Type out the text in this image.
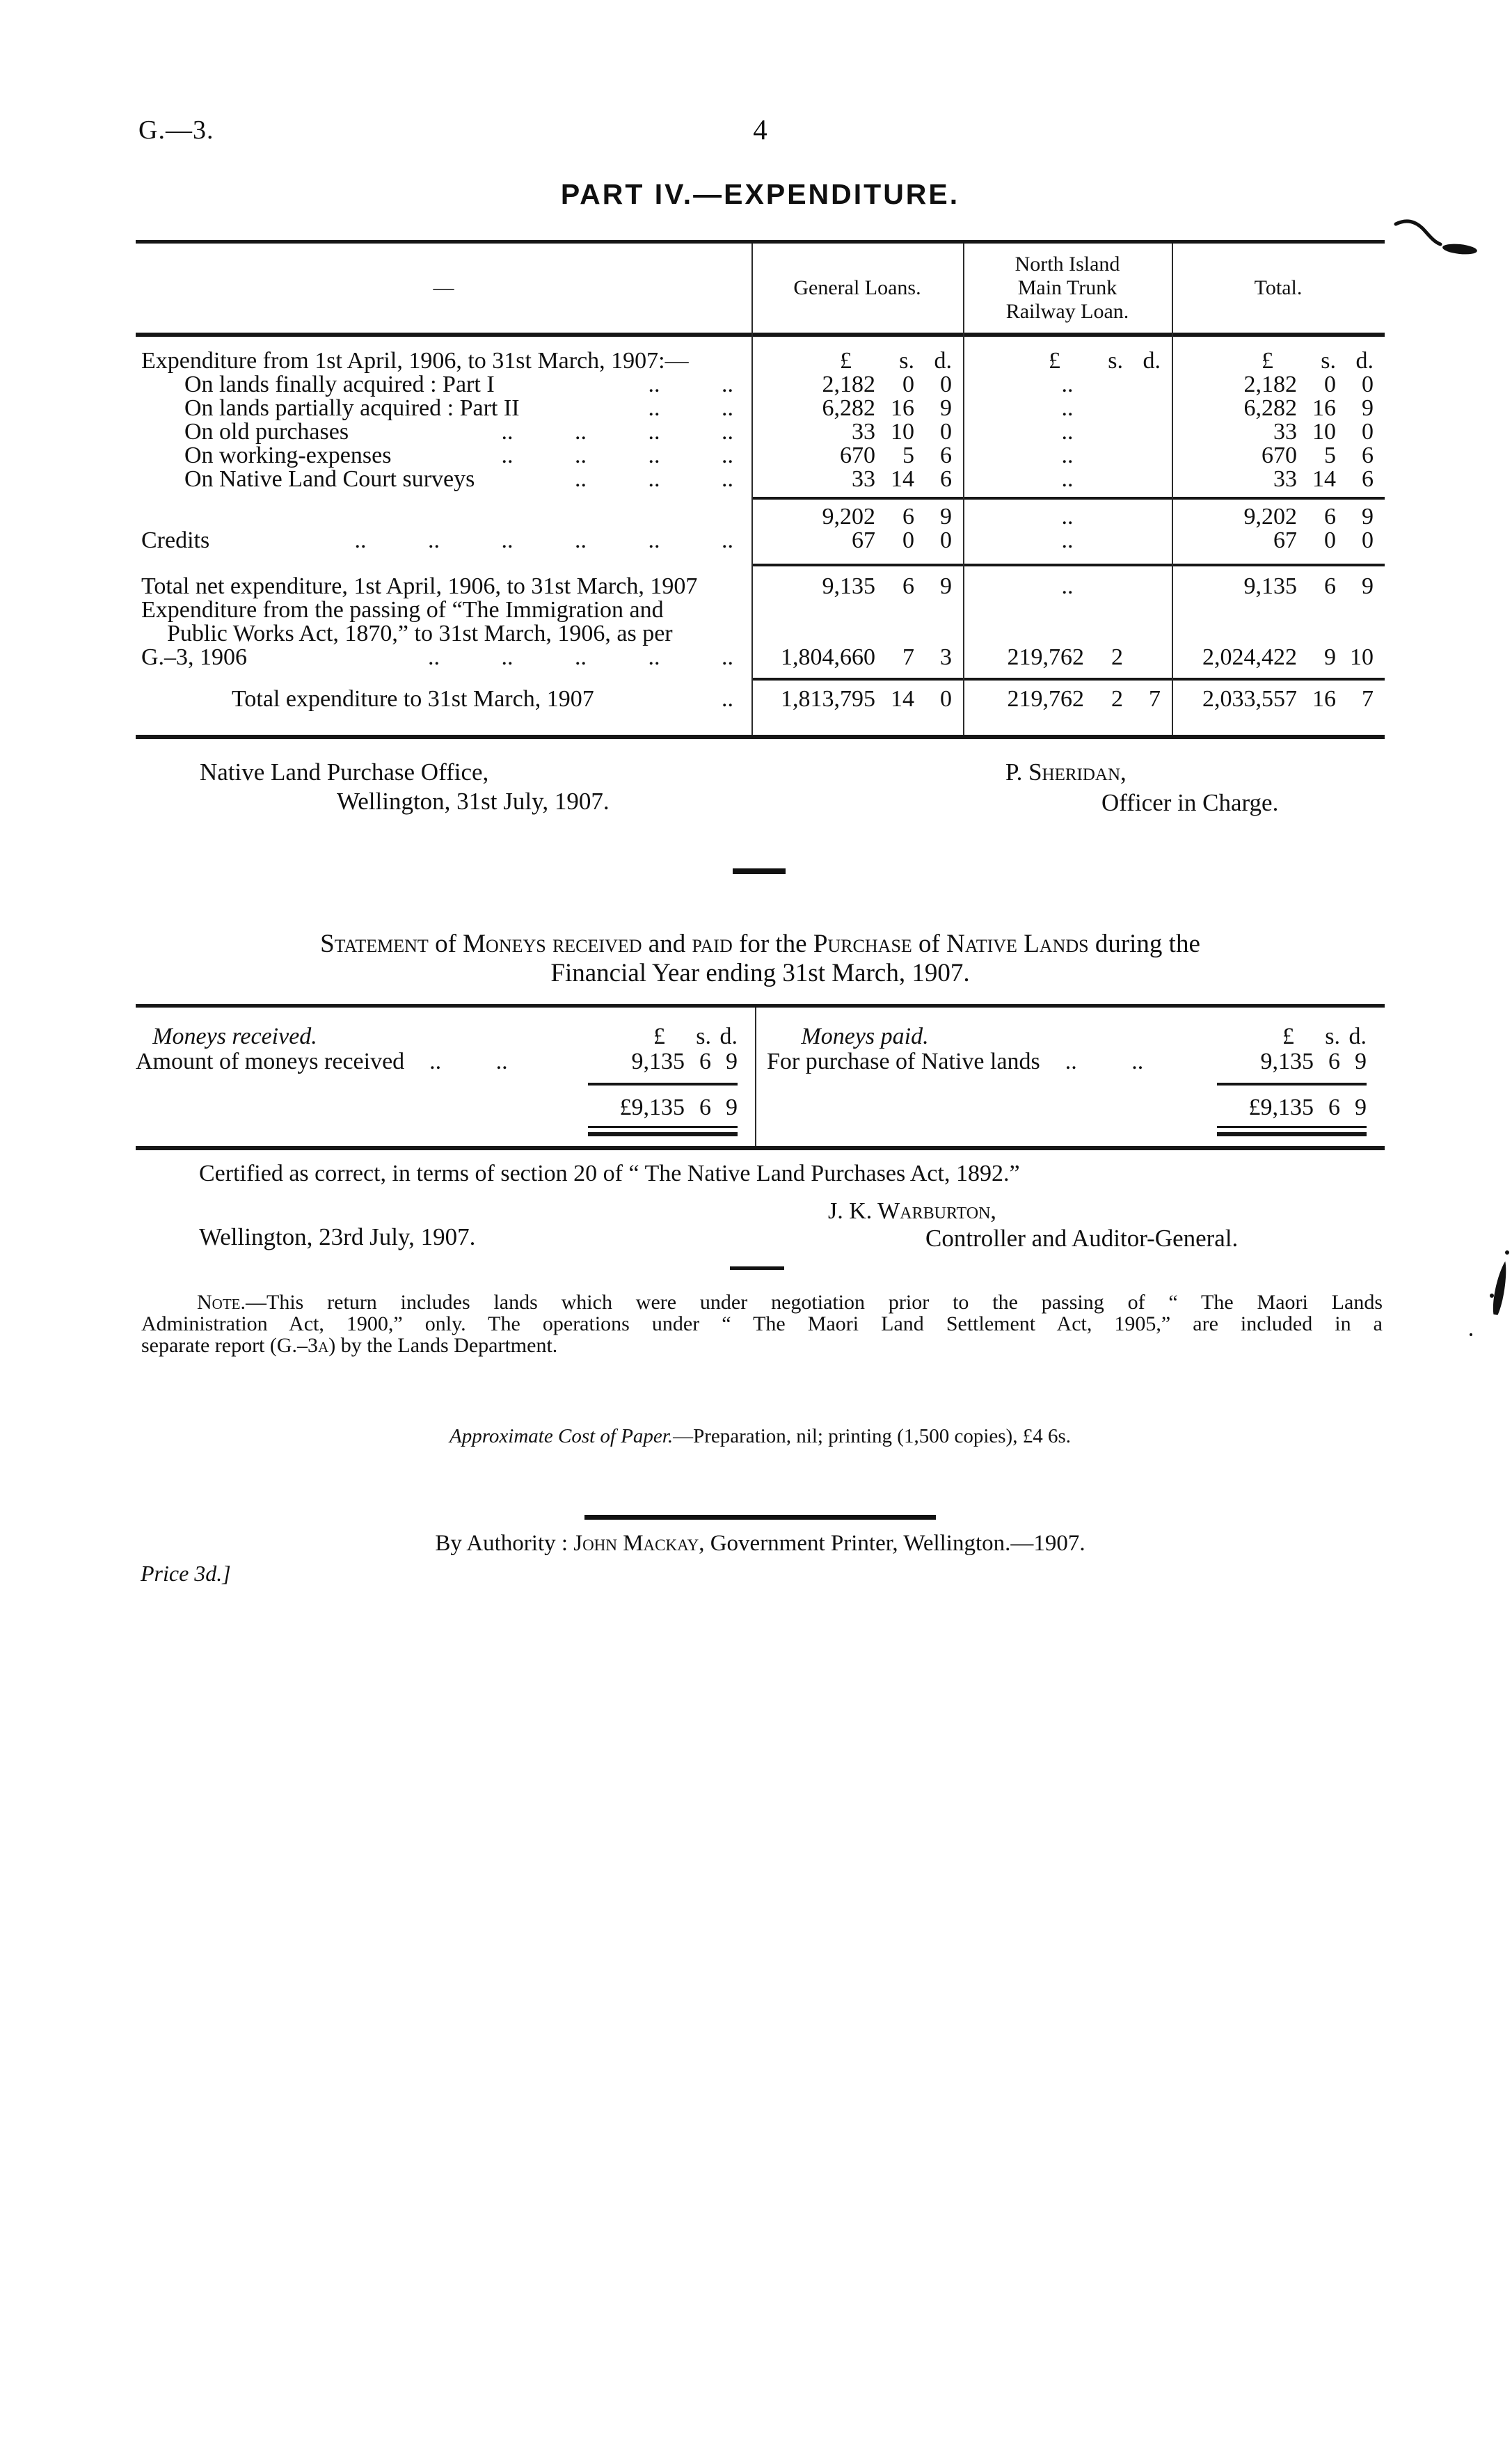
G.—3.	4
PART IV.—EXPENDITURE.
—	General Loans.
North Island
Main Trunk
Railway Loan.
Total.
Expenditure from 1st April, 1906, to 31st March, 1907:—	£	s. d.	£	s. d.	£	s. d.
On lands finally acquired : Part I	.. ..	2,182	0	0	..	2,182	0	0
On lands partially acquired : Part II	.. ..	6,282 16	9	..	6,282 16	9
On old purchases	.. .. .. ..	33 10	0	..	33 10	0
On working-expenses	.. .. .. ..	670	5	6	..	670	5	6
On Native Land Court surveys	.. .. ..	33 14	6	..	33 14	6
9,202	6	9	..	9,202	6	9
Credits	.. .. .. .. .. ..	67	0	0	..	67	0	0
Total net expenditure, 1st April, 1906, to 31st March, 1907	9,135	6	9	..	9,135	6	9
Expenditure from the passing of “The Immigration and
Public Works Act, 1870,” to 31st March, 1906, as per
G.–3, 1906	.. .. .. .. ..	1,804,660	7	3	219,762	2	2,024,422	9 10
Total expenditure to 31st March, 1907	..	1,813,795 14	0	219,762	2	7	2,033,557 16	7
Native Land Purchase Office,
Wellington, 31st July, 1907.
P. Sheridan,
Officer in Charge.
Statement of Moneys received and paid for the Purchase of Native Lands during the
Financial Year ending 31st March, 1907.
Moneys received.	£	s. d.
Amount of moneys received .. ..	9,135 6 9
£9,135 6 9
Moneys paid.	£	s. d.
For purchase of Native lands .. ..	9,135 6 9
£9,135 6 9
Certified as correct, in terms of section 20 of “ The Native Land Purchases Act, 1892.”
J. K. Warburton,
Wellington, 23rd July, 1907.	Controller and Auditor-General.
Note.—This return includes lands which were under negotiation prior to the passing of “ The Maori Lands
Administration Act, 1900,” only. The operations under “ The Maori Land Settlement Act, 1905,” are included in a
separate report (G.–3a) by the Lands Department.
Approximate Cost of Paper.—Preparation, nil; printing (1,500 copies), £4 6s.
By Authority : John Mackay, Government Printer, Wellington.—1907.
Price 3d.]
